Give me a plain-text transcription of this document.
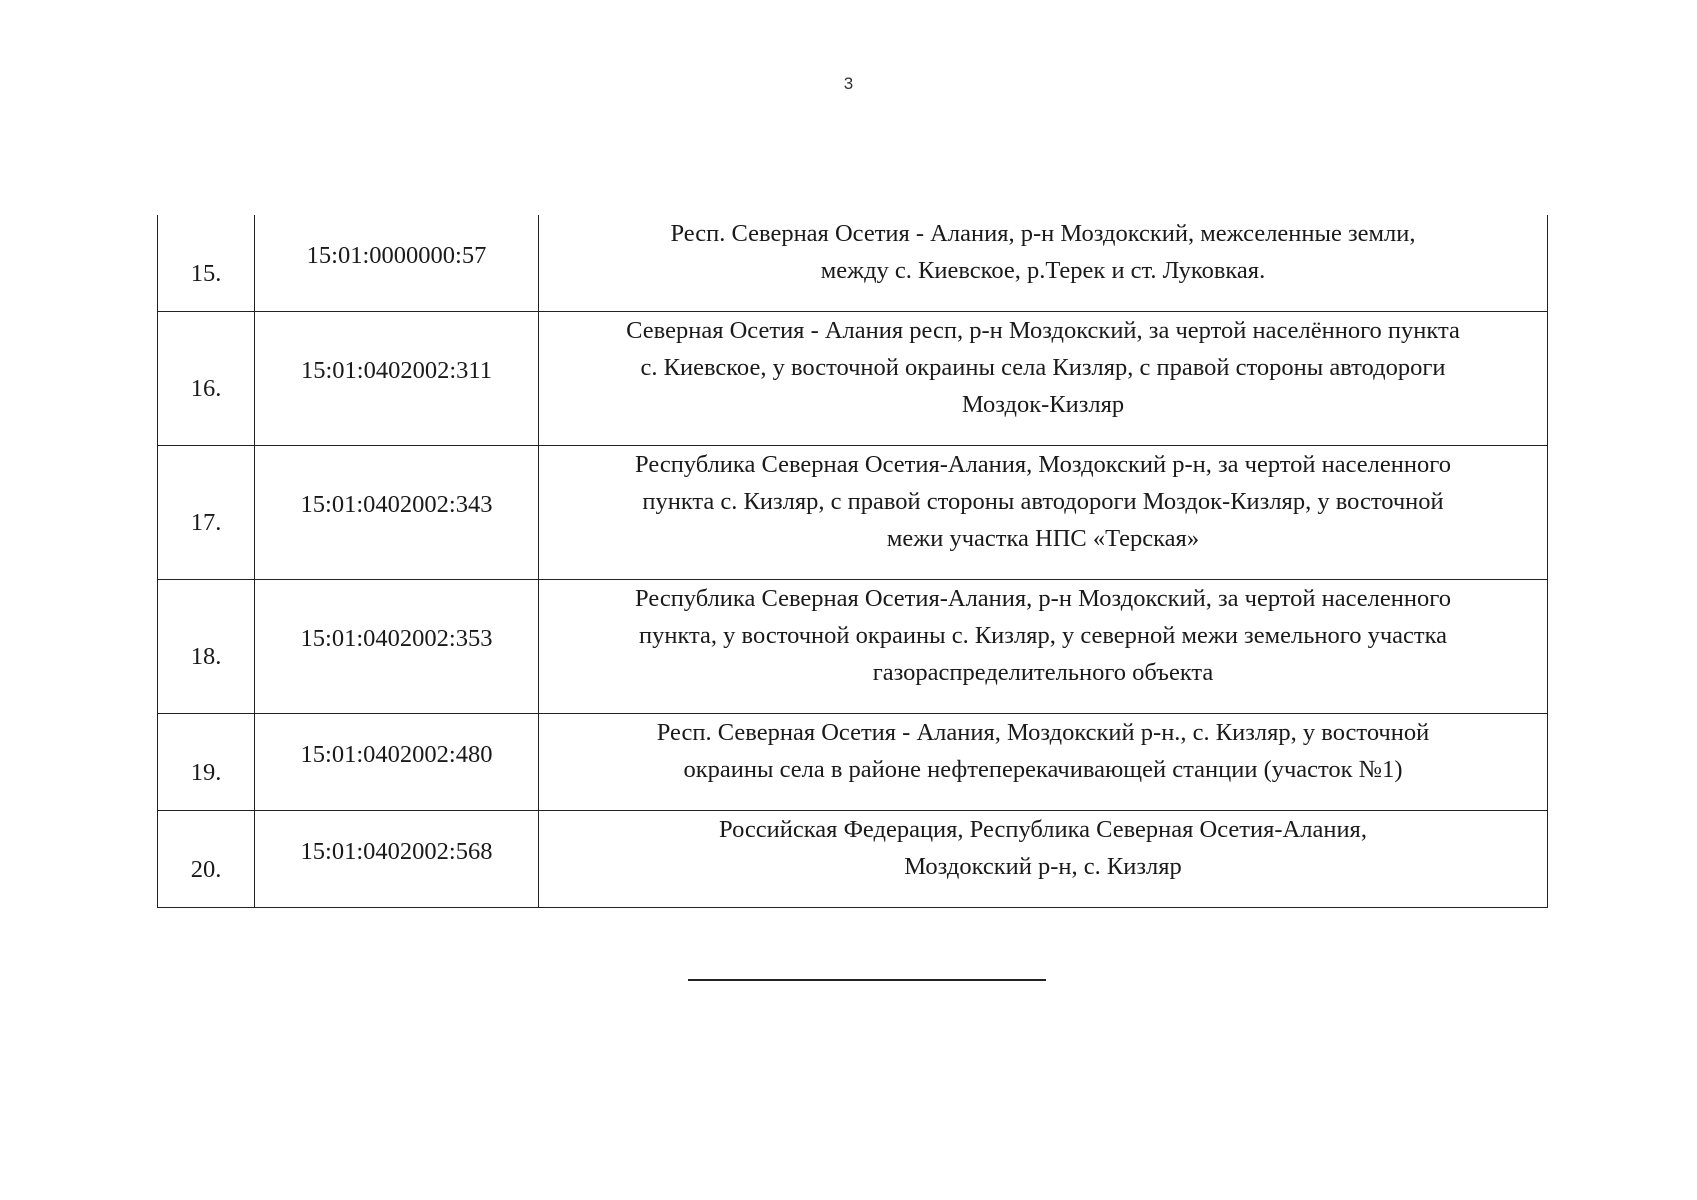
3
15.	15:01:0000000:57	Респ. Северная Осетия - Алания, р-н Моздокский, межселенные земли,
между с. Киевское, р.Терек и ст. Луковкая.

16.	15:01:0402002:311	Северная Осетия - Алания респ, р-н Моздокский, за чертой населённого пункта
с. Киевское, у восточной окраины села Кизляр, с правой стороны автодороги
Моздок-Кизляр

17.	15:01:0402002:343	Республика Северная Осетия-Алания, Моздокский р-н, за чертой населенного
пункта с. Кизляр, с правой стороны автодороги Моздок-Кизляр, у восточной
межи участка НПС «Терская»

18.	15:01:0402002:353	Республика Северная Осетия-Алания, р-н Моздокский, за чертой населенного
пункта, у восточной окраины с. Кизляр, у северной межи земельного участка
газораспределительного объекта

19.	15:01:0402002:480	Респ. Северная Осетия - Алания, Моздокский р-н., с. Кизляр, у восточной
окраины села в районе нефтеперекачивающей станции (участок №1)

20.	15:01:0402002:568	Российская Федерация, Республика Северная Осетия-Алания,
Моздокский р-н, с. Кизляр
